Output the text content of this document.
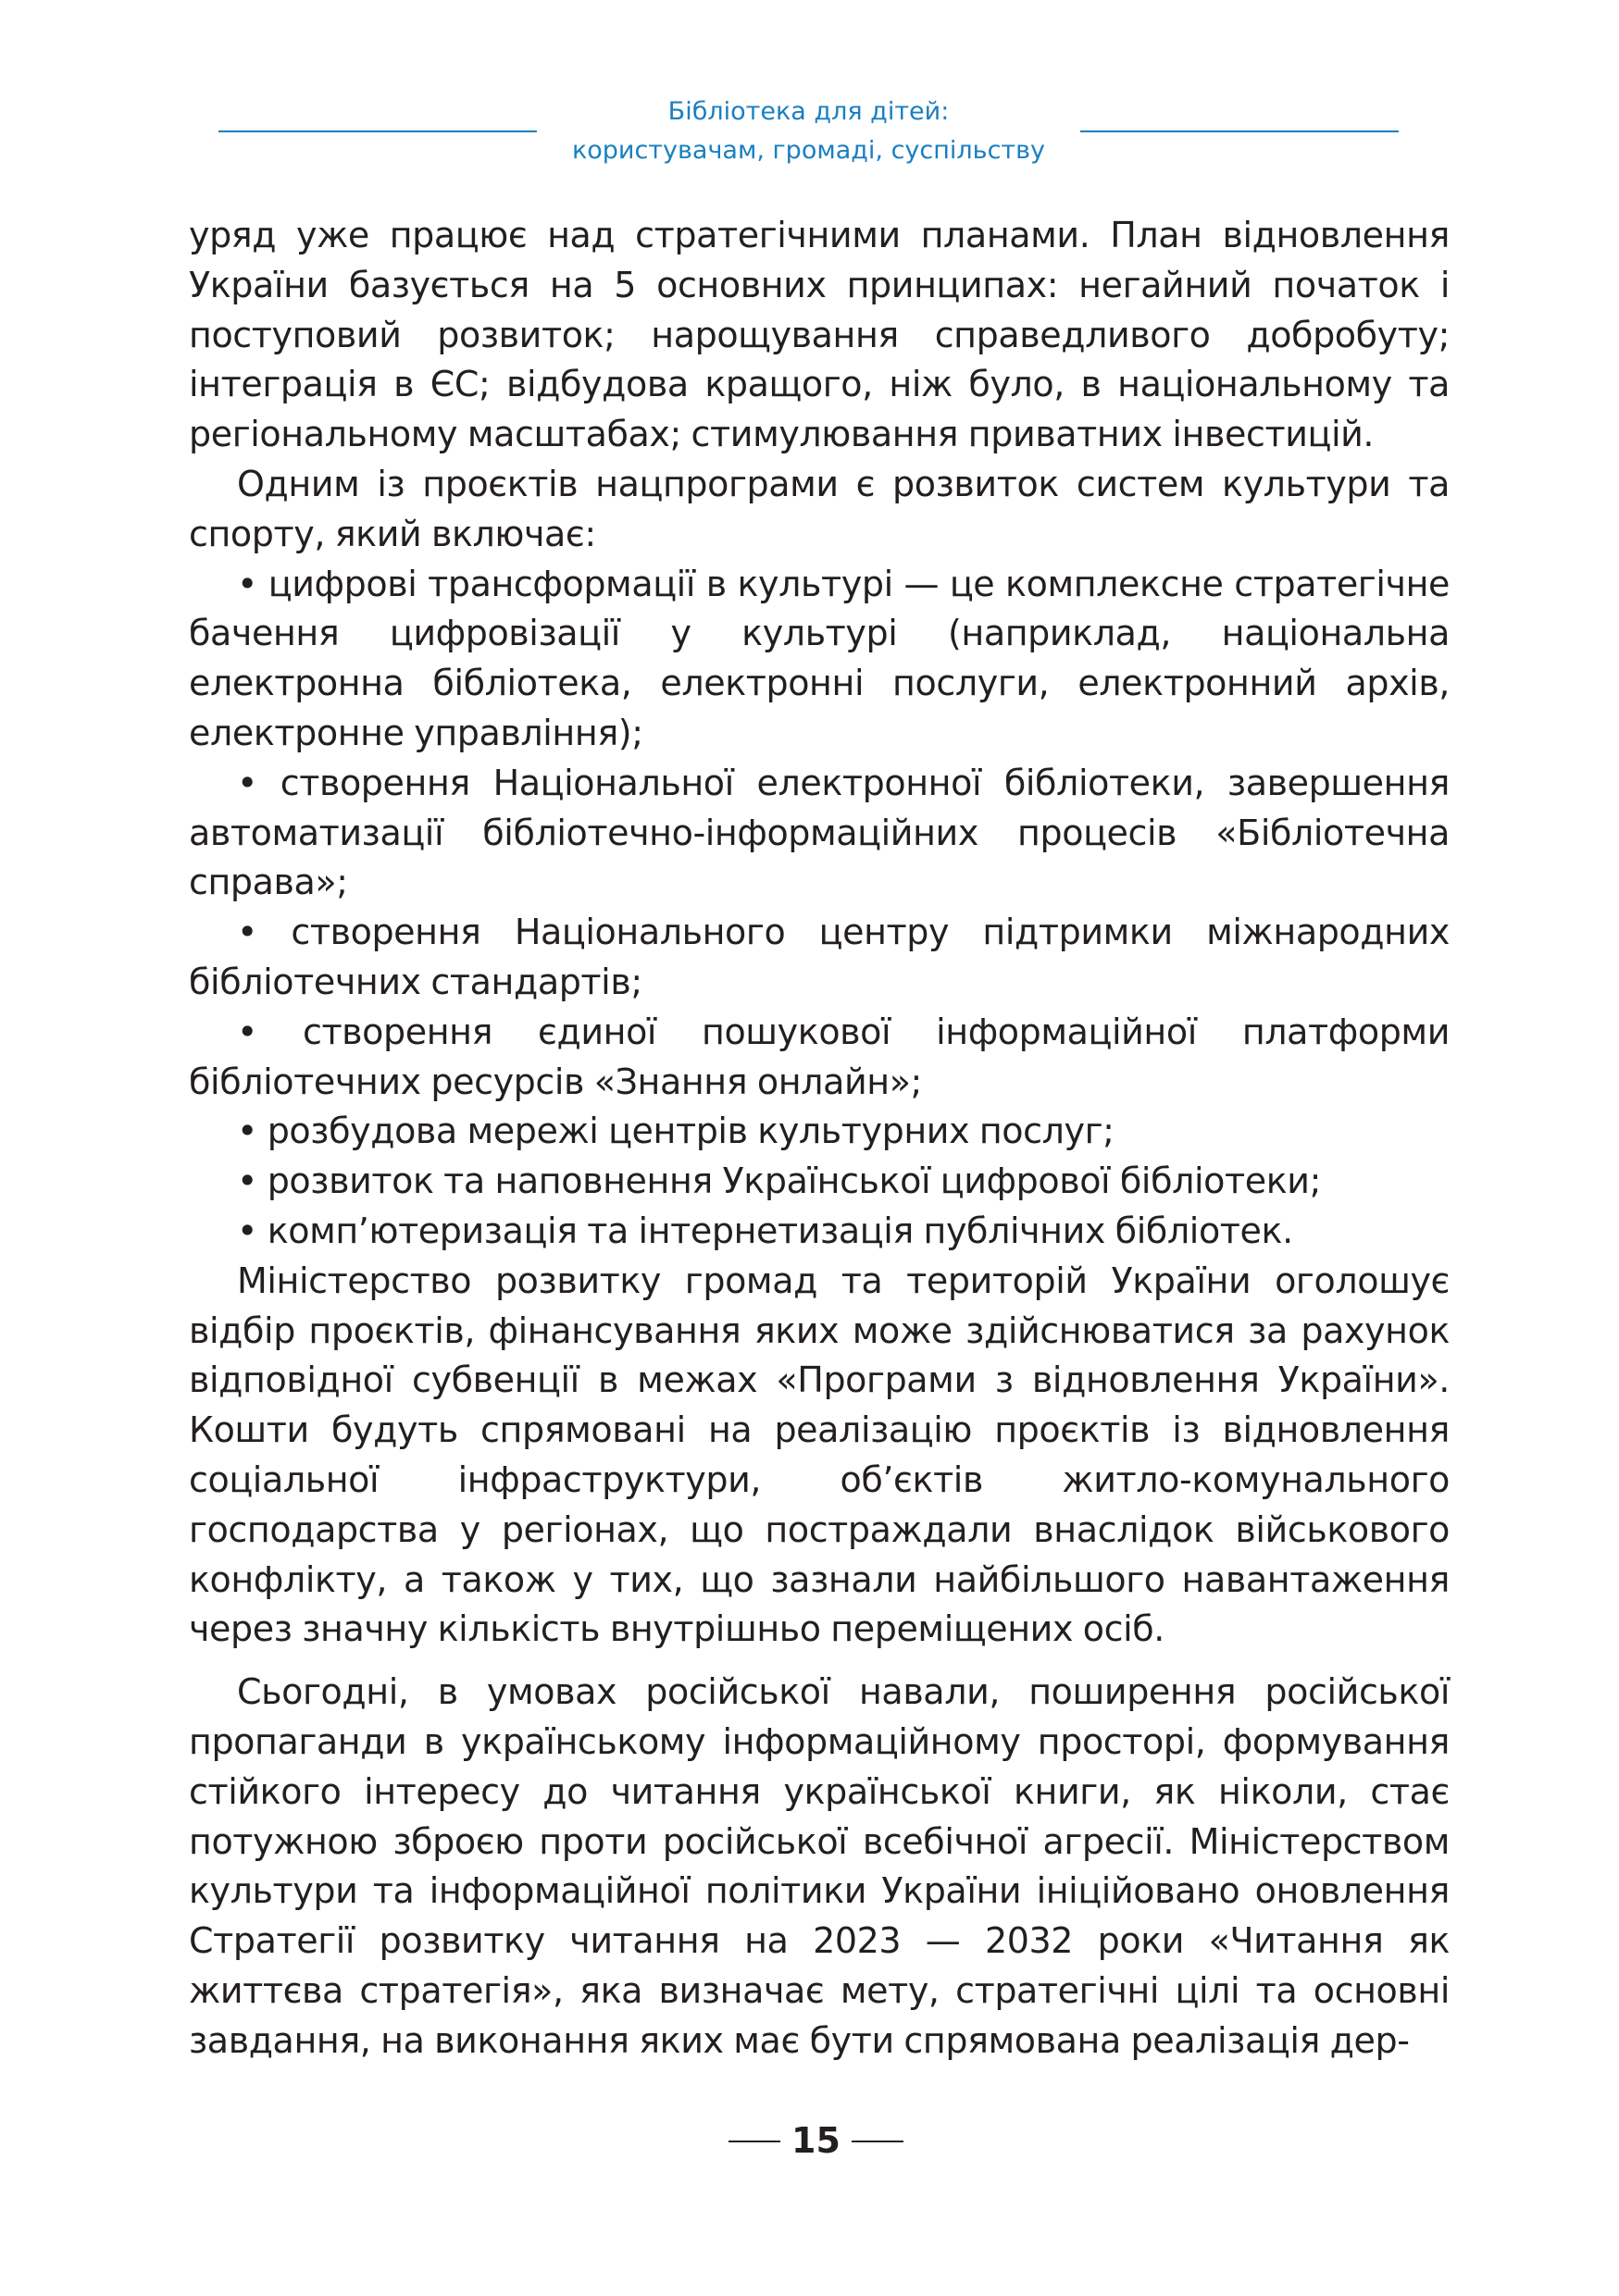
Бібліотека для дітей:
користувачам, громаді, суспільству

уряд уже працює над стратегічними планами. План відновлення України базується на 5 основних принципах: негайний початок і поступовий розвиток; нарощування справедливого добробуту; інтеграція в ЄС; відбудова кращого, ніж було, в національному та регіональному масштабах; стимулювання приватних інвестицій.

Одним із проєктів нацпрограми є розвиток систем культури та спорту, який включає:

• цифрові трансформації в культурі — це комплексне стратегічне бачення цифровізації у культурі (наприклад, національна електронна бібліотека, електронні послуги, електронний архів, електронне управління);

• створення Національної електронної бібліотеки, завершення автоматизації бібліотечно-інформаційних процесів «Бібліотечна справа»;

• створення Національного центру підтримки міжнародних бібліотечних стандартів;

• створення єдиної пошукової інформаційної платформи бібліотечних ресурсів «Знання онлайн»;

• розбудова мережі центрів культурних послуг;

• розвиток та наповнення Української цифрової бібліотеки;

• комп’ютеризація та інтернетизація публічних бібліотек.

Міністерство розвитку громад та територій України оголошує відбір проєктів, фінансування яких може здійснюватися за рахунок відповідної субвенції в межах «Програми з відновлення України». Кошти будуть спрямовані на реалізацію проєктів із відновлення соціальної інфраструктури, об’єктів житло-комунального господарства у регіонах, що постраждали внаслідок військового конфлікту, а також у тих, що зазнали найбільшого навантаження через значну кількість внутрішньо переміщених осіб.

Сьогодні, в умовах російської навали, поширення російської пропаганди в українському інформаційному просторі, формування стійкого інтересу до читання української книги, як ніколи, стає потужною зброєю проти російської всебічної агресії. Міністерством культури та інформаційної політики України ініційовано оновлення Стратегії розвитку читання на 2023 — 2032 роки «Читання як життєва стратегія», яка визначає мету, стратегічні цілі та основні завдання, на виконання яких має бути спрямована реалізація дер-

15
